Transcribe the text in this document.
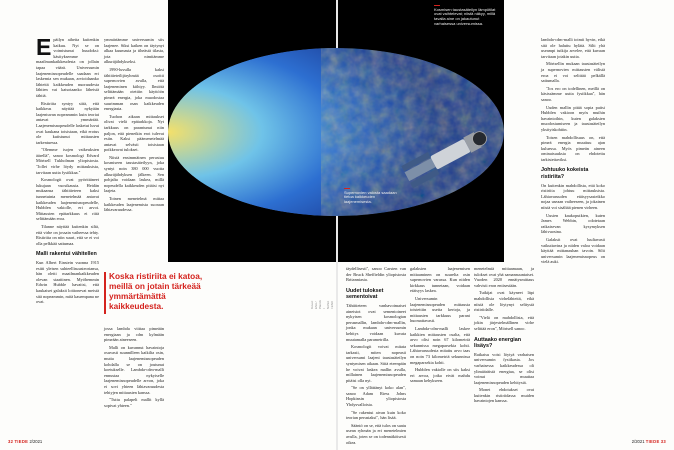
Epäilyn aiheita kuitenkin kaikuu. Nyt se on voimistunut huudoksi: käsityksemme maailmankaikkeudesta on jollain tapaa väärä. Universumin laajenemisnopeudelle saadaan eri laskemia sen mukaan, arvioidaanko lähteitä kaikkeuden nuoruudesta lähtien vai katsotaanko läheisiä tähtiä.

Ristiriita syntyy siitä, että kaikkeus näyttää nykyään laajentuvan nopeammin kuin teoriat antavat ymmärtää. Laajenemisnopeudelle lasketut luvut ovat kaukana toisistaan, eikä erotus ole kutistunut mittausten tarkentuessa.

"Olemme isojen vaikeuksien äärellä", sanoo kosmologi Edvard Mörtsell Tukholman yliopistosta. "Jollei virhe löydy mittauksista, tarvitaan uutta fysiikkaa."

Kosmologit ovat pyörittäneet lukujaan vuosikausia. Heidän mukaansa tähtitieteen kaksi tunnetuinta menetelmää antavat kaikkeuden laajenemisnopeudelle, Hubblen vakiolle, eri arvot. Mittausten epätarkkuus ei riitä selittämään eroa.

Tilanne näyttää kuitenkin siltä, että virhe on jossain vaiheessa tehty. Ristiriita on niin suuri, että se ei voi olla pelkkää sattumaa.

Malli rakentui vähitellen

Kun Albert Einstein vuonna 1915 esitti yleisen suhteellisuusteoriansa, hän oletti maailmankaikkeuden olevan staattinen. Myöhemmin Edwin Hubble havaitsi, että kaukaiset galaksit loittonevat meistä sitä nopeammin, mitä kauempana ne ovat.

ymmärtämme universumin siis laajenee. Siksi kaiken on täytynyt alkaa kuumasta ja tiheästä tilasta, jota nimitämme alkuräjähdykseksi.

1990-luvulla kaksi tähtitieteilijäryhmää osoitti supernovien avulla, että laajeneminen kiihtyy. Ilmiötä selittämään otettiin käyttöön pimeä energia, joka muodostaa suurimman osan kaikkeuden energiasta.

Tuohon aikaan mittaukset olivat vielä epätarkkoja. Nyt tarkkuus on parantunut niin paljon, että pienetkin erot tulevat esiin. Kaksi päämenetelmää antavat selvästi toisistaan poikkeavat tulokset.

Niistä ensimmäinen perustuu kosmiseen taustasäteilyyn, joka syntyi noin 380 000 vuotta alkuräjähdyksen jälkeen. Sen pohjalta voidaan laskea, millä nopeudella kaikkeuden pitäisi nyt laajeta.

Toinen menetelmä mittaa kaikkeuden laajenemista suoraan lähiavaruudessa.

Koska ristiriita ei katoa, meillä on jotain tärkeää ymmärtämättä kaikkeudesta.

jossa lambda viittaa pimeään energiaan ja cdm kylmään pimeään aineeseen.

Malli on kuvannut havaintoja osuvasti suunnilleen kaikilta osin, mutta laajenemisnopeuden kohdalla se on joutunut koetukselle. Lambda-cdm-malli ennustaa nykyiselle laajenemisnopeudelle arvon, joka ei sovi yhteen lähiavaruudesta tehtyjen mittausten kanssa.

"Tuttu palapeli mallit kyllä sopivat yhteen."

Kuvat: ESA / Planck / NASA / ESO
32 TIEDE 2/2021
Kosmisen taustasäteilyn lämpötilat ovat vaihtelevat; niistä näkyy, millä tavalla aine on jakautunut varhaisessa universumissa.
Supernovien valosta saadaan tietoa kaikkeuden laajenemisesta.

täydellisesti", sanoo Carsten van der Bruck Sheffieldin yliopistosta Britanniasta.

Uudet tulokset sementoivat

Tähtitieteen vanhavoimaiset aineistot ovat sementoineet nykyisen kosmologian perusmallin, lambda-cdm-mallin, jonka mukaan universumin kehitys voidaan kuvata muutamalla parametrilla.

Kosmologit voivat mitata tarkasti, miten nopeasti universumi laajeni taustasäteilyn syntymisen aikaan. Siitä eteenpäin he voivat laskea mallin avulla, millainen laajenemisnopeuden pitäisi olla nyt.

"Se on yllättänyt koko alan", sanoo Adam Riess Johns Hopkinsin yliopistosta Yhdysvalloista.

"Se rakentui aivan kuin koko teorian perustaksi", hän lisää.

Sääntö on se, että tulos on saatu usean ryhmän ja eri menetelmien avulla, joten se on todennäköisesti oikea.

galaksien laajenemisen mittaaminen on suurelta osin supernovien varassa. Kun niiden kirkkaus tunnetaan, voidaan etäisyys laskea.

Universumin laajenemisnopeuden mittausta toistettiin useita kertoja, ja mittausten tarkkuus parani huomattavasti.

Lambda-cdm-malli laskee kaikkien mittausten osalta, että arvo olisi noin 67 kilometriä sekunnissa megaparsekia kohti. Lähiavaruudesta mitattu arvo taas on noin 73 kilometriä sekunnissa megaparsekia kohti.

Hubblen vakiolle on siis kaksi eri arvoa, jotka eivät mahdu samaan kehykseen.

menetelmiä mittaamaan, ja tulokset ovat yhä samansuuntaiset. Vuoden 2020 ennätysmittaus vahvisti eron entisestään.

Tutkijat ovat käyneet läpi mahdollisia virhelähteitä, eikä niistä ole löytynyt selitystä ristiriidalle.

"Vielä on mahdollista, että jokin järjestelmällinen virhe selittää eron", Mörtsell sanoo.

Auttaako energian lisäys?

Ratkaisu voisi löytyä varhaisen universumin fysiikasta. Jos varhaisessa kaikkeudessa oli ylimääräistä energiaa, se olisi voinut muuttaa laajenemisnopeuden kehitystä.

Monet ehdotukset ovat kuitenkin ristiriidassa muiden havaintojen kanssa.

lambda-cdm-malli toimii hyvin, eikä sitä ole haluttu hylätä. Silti yhä useampi tutkija arvelee, että kuvaan tarvitaan jotakin uutta.

Mörtsellin mukaan taustasäteilyn ja supernovien mittausten välistä eroa ei voi selittää pelkällä sattumalla.

"Jos ero on todellinen, meillä on käsissämme uutta fysiikkaa", hän sanoo.

Uuden mallin pitää sopia paitsi Hubblen vakioon myös muihin havaintoihin, kuten galaksien muodostumiseen ja taustasäteilyn yksityiskohtiin.

Toisen mahdollisuus on, että pimeä energia muuttuu ajan kuluessa. Myös pimeän aineen ominaisuuksia on ehdotettu tarkistettaviksi.

Johtuuko kokeista ristiriita?

On kuitenkin mahdollista, että koko ristiriita johtuu mittauksista. Lähiavaruuden etäisyysasteikko nojaa useaan vaiheeseen, ja jokainen niistä voi sisältää pienen virheen.

Uusien kaukoputkien, kuten James Webbin, odotetaan ratkaisevan kysymyksen lähivuosina.

Galaksit ovat luultavasti vaikuttavina ja niiden valoa voidaan käyttää mittanauhan tavoin. Silti universumin laajenemisnopeus on vielä auki.

2/2021 TIEDE 33
